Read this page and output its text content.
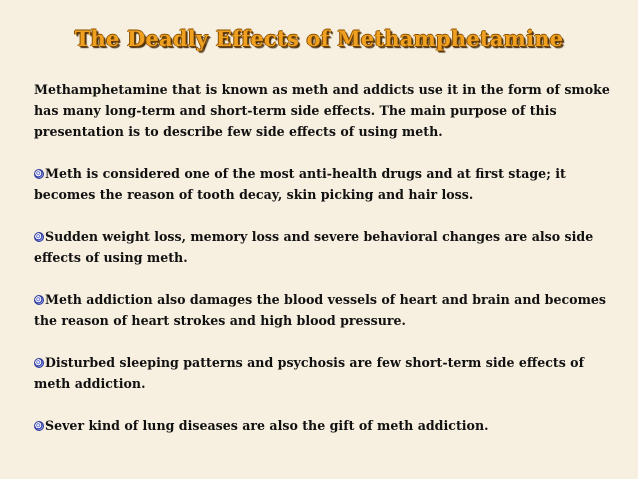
The Deadly Effects of Methamphetamine

Methamphetamine that is known as meth and addicts use it in the form of smoke has many long-term and short-term side effects. The main purpose of this presentation is to describe few side effects of using meth.

Meth is considered one of the most anti-health drugs and at first stage; it becomes the reason of tooth decay, skin picking and hair loss.

Sudden weight loss, memory loss and severe behavioral changes are also side effects of using meth.

Meth addiction also damages the blood vessels of heart and brain and becomes the reason of heart strokes and high blood pressure.

Disturbed sleeping patterns and psychosis are few short-term side effects of meth addiction.

Sever kind of lung diseases are also the gift of meth addiction.
